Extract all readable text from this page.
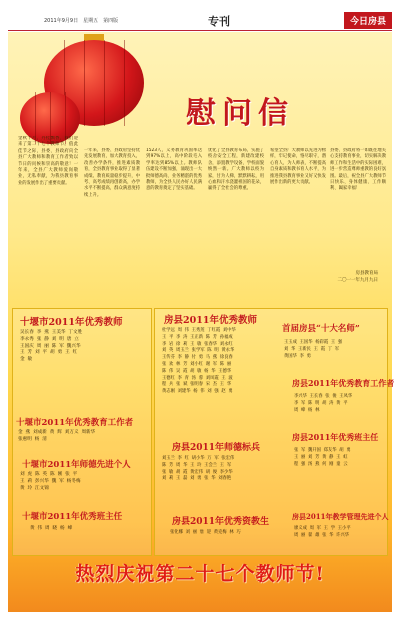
2011年9月9日　星期五　第四版	专刊	今日房县
慰问信
金秋十月，丹桂飘香，我们迎来了第二十七个教师节。值此佳节之际，县委、县政府向全县广大教师和教育工作者致以节日的问候和崇高的敬意！一年来，全县广大教师爱岗敬业，无私奉献，为我县教育事业的发展作出了重要贡献。
一年来，县委、县政府坚持优先发展教育，加大教育投入，改善办学条件，推进素质教育，全县教育事业取得了显著成绩。教育质量稳步提升，中考、高考成绩再创新高，办学水平不断提高，群众满意度持续上升。
1523人，义务教育巩固率达到97%以上，高中阶段毛入学率达到85%以上。教师队伍建设不断加强，涌现出一大批师德高尚、业务精湛的优秀教师，为全县人民办好人民满意的教育奠定了坚实基础。
优化了全县教育布局，实施了校舍安全工程，新建改建校舍，添置教学设备，学校面貌焕然一新。广大教师以校为家，甘为人梯，默默耕耘，用心血和汗水浇灌祖国的花朵，赢得了全社会的尊重。
希望全县广大教师以先进为榜样，牢记使命，恪尽职守，潜心育人，为人师表，不断提高自身素质和教书育人水平，为推进我县教育事业又好又快发展作出新的更大贡献。
县委、县政府将一如既往地关心支持教育事业，切实解决教师工作和生活中的实际困难，进一步营造尊师重教的良好氛围。最后，祝全县广大教师节日快乐、身体健康、工作顺利、阖家幸福！
房县教育局
二〇一一年九月九日
十堰市2011年优秀教师
吴长春  李  燕  王美华  丁文胜
李永秀  张  静  刘  明  唐  立
王国庆  周  丽  陈  军  魏兴华
王  芳  刘  平  胡  勇  王  红
金  敏
十堰市2011年优秀教育工作者
金  燕  刘成新  黄  辉  刘万义  周新华
张惠明  杨  清
十堰市2011年师德先进个人
刘  虎  陈  英  陈  刚  张  平
王  莉  彭兴华  魏  军  杨冬梅
黄  玲  江文锦
十堰市2011年优秀班主任
黄  伟  周  晓  杨  峰
房县2011年优秀教师
杜学远  周  伟  王秀莲  丁红霞  刘中华
王  平  李  涛  王正新  陈  芳  孙福成
李  岩  徐  莉  王  敏  张春华  刘永红
刘  英  周玉兰  张学军  陈  明  黄永华
王传芬  李  静  付  勇  马  燕  徐良春
张  欢  林  芳  刘小红  谢  军  陈  丽
陈  伟  吴  霞  胡  敏  杨  华  王德华
王德红  李  青  汤  蓉  刘凤霞  王  波
程  兵  张  斌  张明春  宋  杰  王  华
黄志刚  刘建华  杨  伟  刘  强  赵  勇
首届房县“十大名师”
王玉成  王国华  杨彩霞  王  强
刘  华  王新民  王  霞  丁  军
黄国华  李  勇
房县2011年优秀教育工作者
李兴华  王长春  张  俊  王凤华
李  军  陈  明  胡  涛  黄  平
周  峰  杨  林
房县2011年师德标兵
刘玉兰  李  红  胡小华  万  军  张宏伟
陈  芳  周  华  王  玲  王会兰  王  军
张  敏  胡  霞  黄宏伟  胡  俊  李少华
刘  莉  王  磊  刘  勇  张  华  刘春艳
房县2011年优秀班主任
张  军  魏开国  郑友华  胡  勇
王  丽  刘  芳  黄  静  王  虹
程  强  汤  燕  何  刚  童  云
房县2011年优秀资教生
张化娜  刘  丽  詹  迎  黄克梅  林  巧
房县2011年教学管理先进个人
廖义成  周  军  王  学  王小平
周  丽  翟  雄  张  华  许兴华
热烈庆祝第二十七个教师节!
